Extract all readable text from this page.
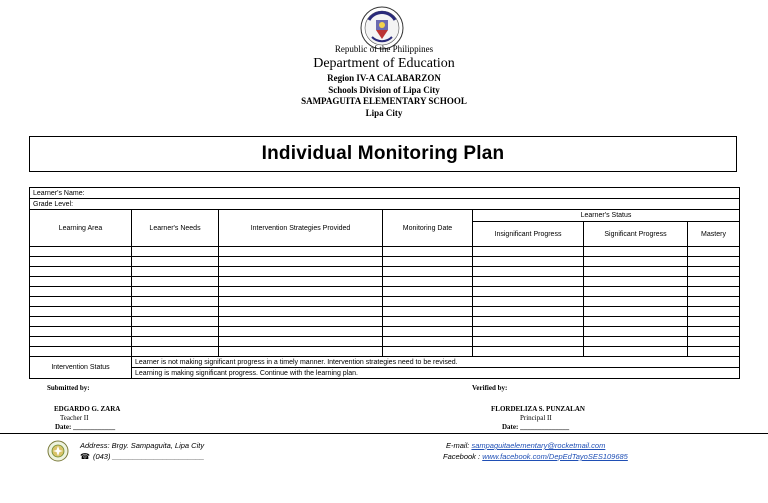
Republic of the Philippines
Department of Education
Region IV-A CALABARZON
Schools Division of Lipa City
SAMPAGUITA ELEMENTARY SCHOOL
Lipa City
Individual Monitoring Plan
Learner's Name:						
Grade Level:						
Learning Area	Learner's Needs	Intervention Strategies Provided	Monitoring Date	Learner's Status		
				Insignificant Progress	Significant Progress	Mastery

Intervention Status	Learner is not making significant progress in a timely manner. Intervention strategies need to be revised.					
	Learning is making significant progress. Continue with the learning plan.					
Submitted by:	Verified by:
EDGARDO G. ZARA
Teacher II
Date: ____________
FLORDELIZA S. PUNZALAN
Principal II
Date: ______________
Address: Brgy. Sampaguita, Lipa City
☎ (043) ______________________
E-mail: sampaguitaelementary@rocketmail.com
Facebook : www.facebook.com/DepEdTayoSES109685
